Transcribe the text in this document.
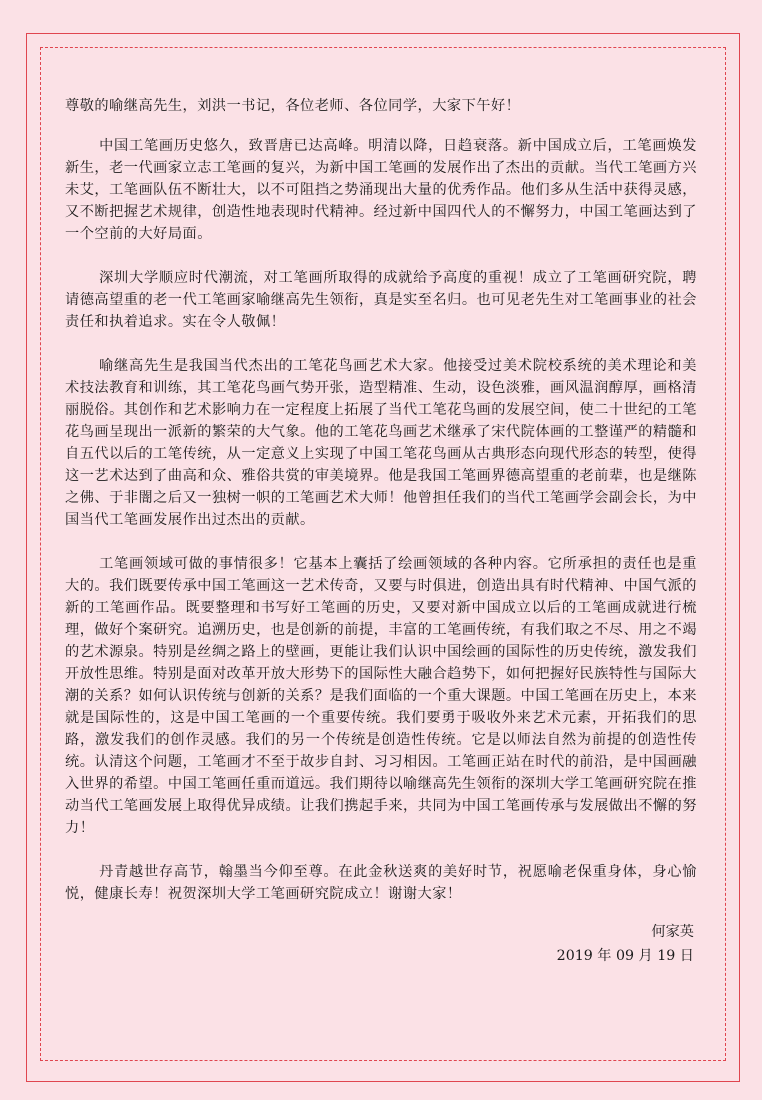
尊敬的喻继高先生，刘洪一书记，各位老师、各位同学，大家下午好！

中国工笔画历史悠久，致晋唐已达高峰。明清以降，日趋衰落。新中国成立后，工笔画焕发新生，老一代画家立志工笔画的复兴，为新中国工笔画的发展作出了杰出的贡献。当代工笔画方兴未艾，工笔画队伍不断壮大，以不可阻挡之势涌现出大量的优秀作品。他们多从生活中获得灵感，又不断把握艺术规律，创造性地表现时代精神。经过新中国四代人的不懈努力，中国工笔画达到了一个空前的大好局面。

深圳大学顺应时代潮流，对工笔画所取得的成就给予高度的重视！成立了工笔画研究院，聘请德高望重的老一代工笔画家喻继高先生领衔，真是实至名归。也可见老先生对工笔画事业的社会责任和执着追求。实在令人敬佩！

喻继高先生是我国当代杰出的工笔花鸟画艺术大家。他接受过美术院校系统的美术理论和美术技法教育和训练，其工笔花鸟画气势开张，造型精准、生动，设色淡雅，画风温润醇厚，画格清丽脱俗。其创作和艺术影响力在一定程度上拓展了当代工笔花鸟画的发展空间，使二十世纪的工笔花鸟画呈现出一派新的繁荣的大气象。他的工笔花鸟画艺术继承了宋代院体画的工整谨严的精髓和自五代以后的工笔传统，从一定意义上实现了中国工笔花鸟画从古典形态向现代形态的转型，使得这一艺术达到了曲高和众、雅俗共赏的审美境界。他是我国工笔画界德高望重的老前辈，也是继陈之佛、于非闇之后又一独树一帜的工笔画艺术大师！他曾担任我们的当代工笔画学会副会长，为中国当代工笔画发展作出过杰出的贡献。

工笔画领域可做的事情很多！它基本上囊括了绘画领域的各种内容。它所承担的责任也是重大的。我们既要传承中国工笔画这一艺术传奇，又要与时俱进，创造出具有时代精神、中国气派的新的工笔画作品。既要整理和书写好工笔画的历史，又要对新中国成立以后的工笔画成就进行梳理，做好个案研究。追溯历史，也是创新的前提，丰富的工笔画传统，有我们取之不尽、用之不竭的艺术源泉。特别是丝绸之路上的壁画，更能让我们认识中国绘画的国际性的历史传统，激发我们开放性思维。特别是面对改革开放大形势下的国际性大融合趋势下，如何把握好民族特性与国际大潮的关系？如何认识传统与创新的关系？是我们面临的一个重大课题。中国工笔画在历史上，本来就是国际性的，这是中国工笔画的一个重要传统。我们要勇于吸收外来艺术元素，开拓我们的思路，激发我们的创作灵感。我们的另一个传统是创造性传统。它是以师法自然为前提的创造性传统。认清这个问题，工笔画才不至于故步自封、习习相因。工笔画正站在时代的前沿，是中国画融入世界的希望。中国工笔画任重而道远。我们期待以喻继高先生领衔的深圳大学工笔画研究院在推动当代工笔画发展上取得优异成绩。让我们携起手来，共同为中国工笔画传承与发展做出不懈的努力！

丹青越世存高节，翰墨当今仰至尊。在此金秋送爽的美好时节，祝愿喻老保重身体，身心愉悦，健康长寿！祝贺深圳大学工笔画研究院成立！谢谢大家！

何家英
2019 年 09 月 19 日
